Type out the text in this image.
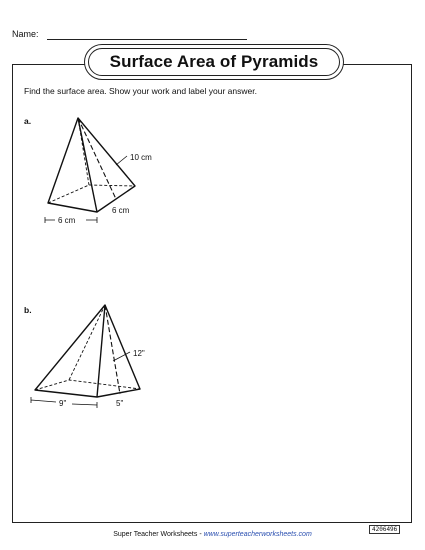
Name:
Surface Area of Pyramids
Find the surface area. Show your work and label your answer.
a.
b.
10 cm
6 cm
6 cm
12"
9"	5"
Super Teacher Worksheets - www.superteacherworksheets.com
4206496
